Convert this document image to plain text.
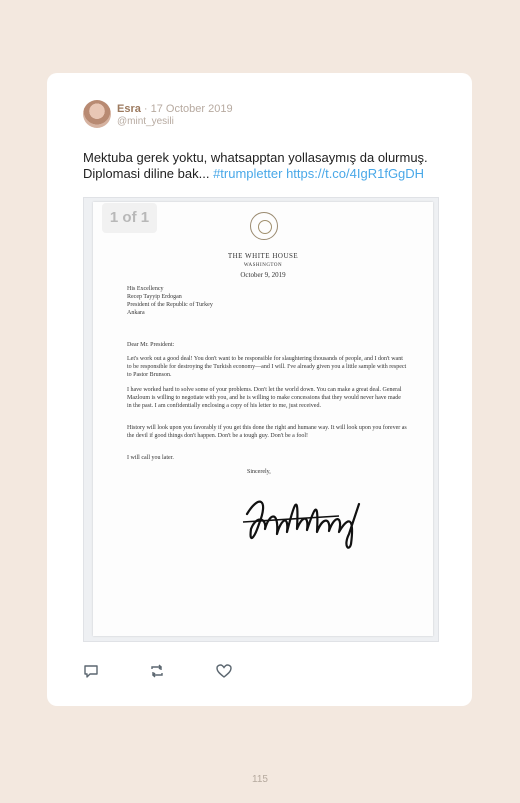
Esra · 17 October 2019
@mint_yesili
Mektuba gerek yoktu, whatsapptan yollasaymış da olurmuş. Diplomasi diline bak... #trumpletter https://t.co/4IgR1fGgDH
THE WHITE HOUSE
WASHINGTON
October 9, 2019
His Excellency
Recep Tayyip Erdogan
President of the Republic of Turkey
Ankara
Dear Mr. President:
Let's work out a good deal! You don't want to be responsible for slaughtering thousands of people, and I don't want to be responsible for destroying the Turkish economy—and I will. I've already given you a little sample with respect to Pastor Brunson.
I have worked hard to solve some of your problems. Don't let the world down. You can make a great deal. General Mazloum is willing to negotiate with you, and he is willing to make concessions that they would never have made in the past. I am confidentially enclosing a copy of his letter to me, just received.
History will look upon you favorably if you get this done the right and humane way. It will look upon you forever as the devil if good things don't happen. Don't be a tough guy. Don't be a fool!
I will call you later.
Sincerely,
1 of 1
115
